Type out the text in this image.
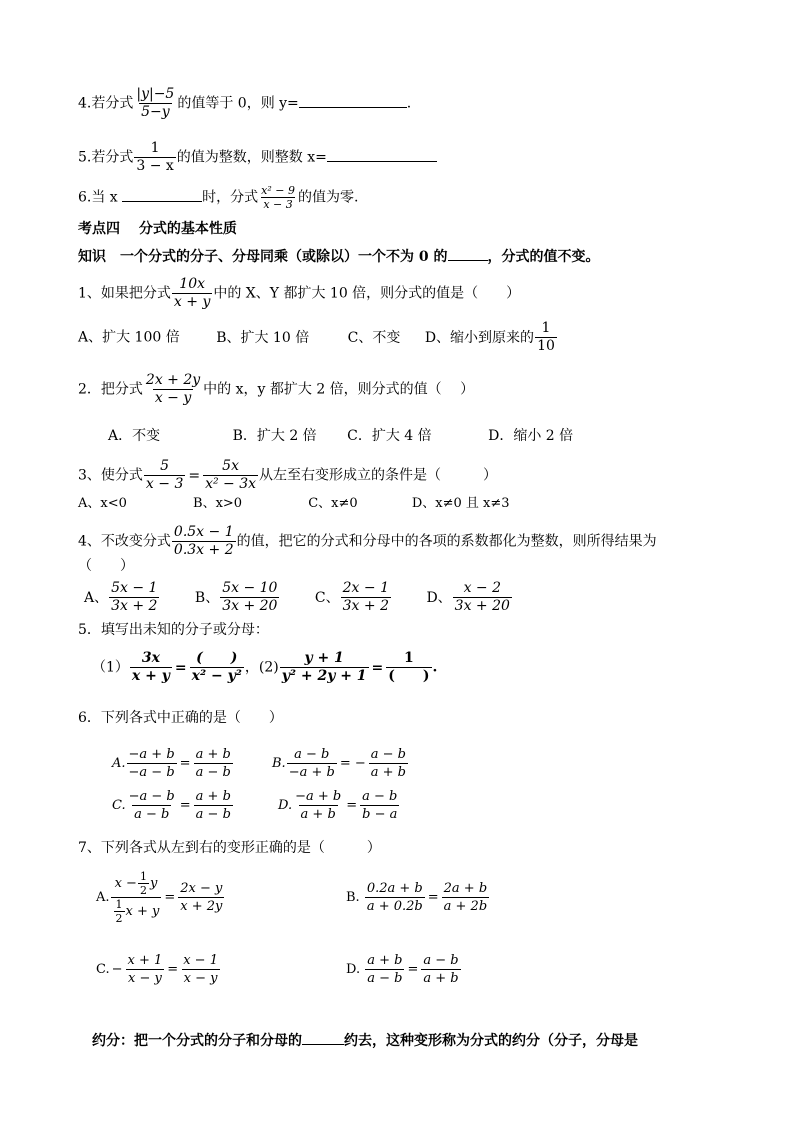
4.若分式 $\frac{|y|-5}{5-y}$ 的值等于 0，则 y=	.
5.若分式 $\frac{1}{3 - x}$ 的值为整数，则整数 x=
6.当 x	时，分式 $\frac{\text{x² − 9}}{x - 3}$ 的值为零.
考点四　 分式的基本性质
知识　 一个分式的分子、分母同乘（或除以）一个不为 0 的	，分式的值不变。
1、如果把分式 $\frac{10x}{x + y}$ 中的 X、Y 都扩大 10 倍，则分式的值是（　　）
A、扩大 100 倍	B、扩大 10 倍	C、不变 D、缩小到原来的 $\frac{1}{10}$
2．把分式 $\frac{2x + 2y}{x - y}$ 中的 x，y 都扩大 2 倍，则分式的值（　 ）
A．不变	B．扩大 2 倍 C．扩大 4 倍	D．缩小 2 倍
3、使分式 $\frac{5}{x - 3} = \frac{5x}{\text{x² − 3x}}$ 从左至右变形成立的条件是（　　　）
A、x<0	B、x>0	C、x≠0	D、x≠0 且 x≠3
4、不改变分式 $\frac{0.5x - 1}{0.3x + 2}$ 的值，把它的分式和分母中的各项的系数都化为整数，则所得结果为
（　　）
A、 $\frac{5x - 1}{3x + 2}$	B、 $\frac{5x - 10}{3x + 20}$	C、 $\frac{2x - 1}{3x + 2}$	D、 $\frac{x - 2}{3x + 20}$
5．填写出未知的分子或分母：
$(1) \frac{3x}{x + y} = \frac{( )}{\text{x² − y²}}$ ，$(2) \frac{y + 1}{\text{y² + 2y + 1}} = \frac{1}{( )}$ .
6．下列各式中正确的是（　　）
A. $\frac{-a + b}{-a - b} = \frac{a + b}{a - b}$	B. $\frac{a - b}{-a + b}$ = − $\frac{a - b}{a + b}$
C. $\frac{-a - b}{a - b} = \frac{a + b}{a - b}$	D. $\frac{-a + b}{a + b} = \frac{a - b}{b - a}$
7、下列各式从左到右的变形正确的是（　　　）
A. $\frac{x - \frac{1}{2} y}{\frac{1}{2} x + y} = \frac{2x - y}{x + 2y}$	B. $\frac{0.2a + b}{a + 0.2b} = \frac{2a + b}{a + 2b}$
C. − $\frac{x + 1}{x - y} = \frac{x - 1}{x - y}$	D. $\frac{a + b}{a - b} = \frac{a - b}{a + b}$
约分：把一个分式的分子和分母的	约去，这种变形称为分式的约分（分子，分母是
